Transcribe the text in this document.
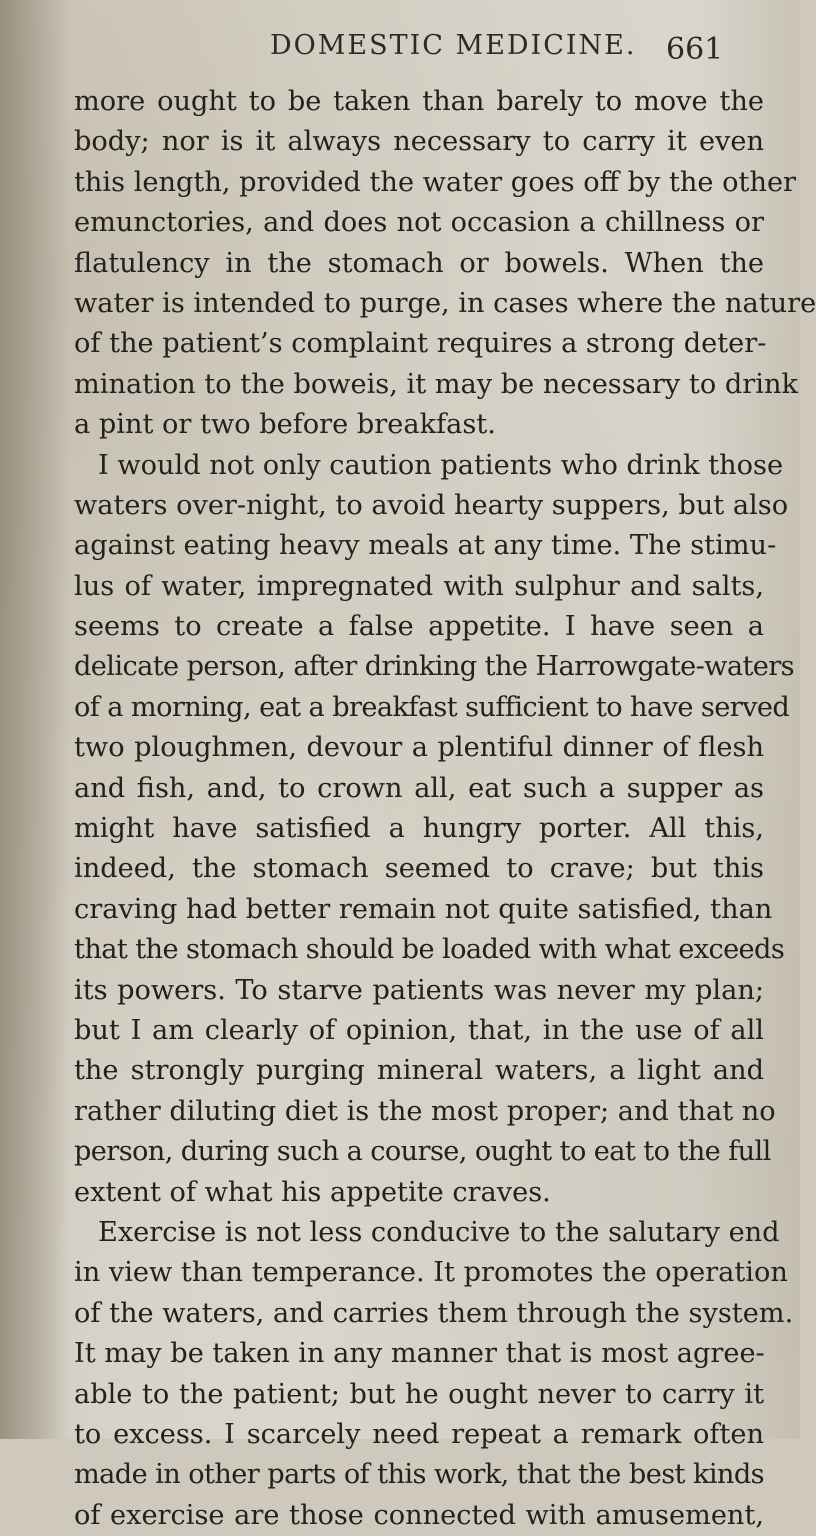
DOMESTIC MEDICINE. 661
more ought to be taken than barely to move the
body; nor is it always necessary to carry it even
this length, provided the water goes off by the other
emunctories, and does not occasion a chillness or
flatulency in the stomach or bowels. When the
water is intended to purge, in cases where the nature
of the patient’s complaint requires a strong deter-
mination to the boweis, it may be necessary to drink
a pint or two before breakfast.
I would not only caution patients who drink those
waters over-night, to avoid hearty suppers, but also
against eating heavy meals at any time. The stimu-
lus of water, impregnated with sulphur and salts,
seems to create a false appetite. I have seen a
delicate person, after drinking the Harrowgate-waters
of a morning, eat a breakfast sufficient to have served
two ploughmen, devour a plentiful dinner of flesh
and fish, and, to crown all, eat such a supper as
might have satisfied a hungry porter. All this,
indeed, the stomach seemed to crave; but this
craving had better remain not quite satisfied, than
that the stomach should be loaded with what exceeds
its powers. To starve patients was never my plan;
but I am clearly of opinion, that, in the use of all
the strongly purging mineral waters, a light and
rather diluting diet is the most proper; and that no
person, during such a course, ought to eat to the full
extent of what his appetite craves.
Exercise is not less conducive to the salutary end
in view than temperance. It promotes the operation
of the waters, and carries them through the system.
It may be taken in any manner that is most agree-
able to the patient; but he ought never to carry it
to excess. I scarcely need repeat a remark often
made in other parts of this work, that the best kinds
of exercise are those connected with amusement,
